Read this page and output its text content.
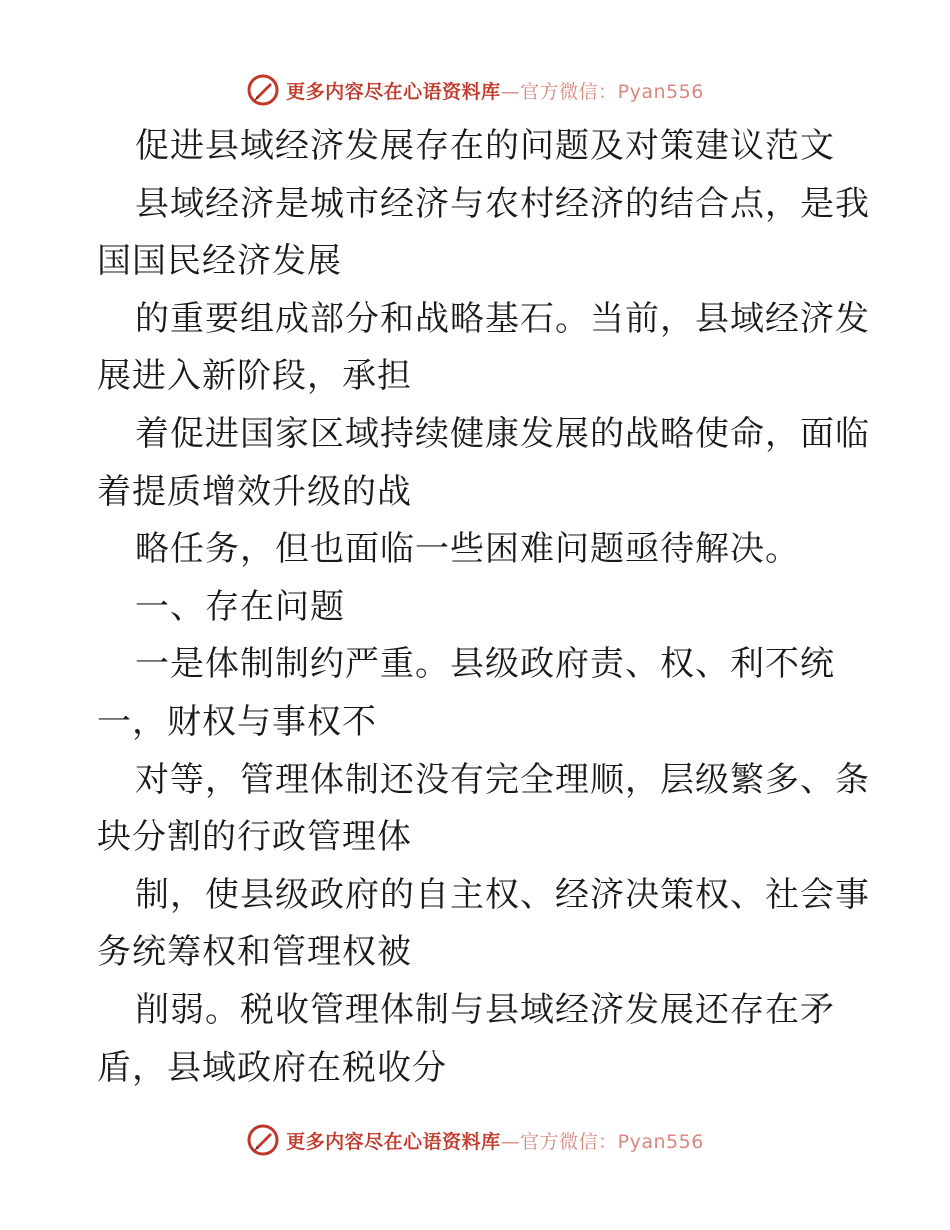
更多内容尽在心语资料库—官方微信：Pyan556
促进县域经济发展存在的问题及对策建议范文
县域经济是城市经济与农村经济的结合点，是我
国国民经济发展
的重要组成部分和战略基石。当前，县域经济发
展进入新阶段，承担
着促进国家区域持续健康发展的战略使命，面临
着提质增效升级的战
略任务，但也面临一些困难问题亟待解决。
一、存在问题
一是体制制约严重。县级政府责、权、利不统
一，财权与事权不
对等，管理体制还没有完全理顺，层级繁多、条
块分割的行政管理体
制，使县级政府的自主权、经济决策权、社会事
务统筹权和管理权被
削弱。税收管理体制与县域经济发展还存在矛
盾，县域政府在税收分
更多内容尽在心语资料库—官方微信：Pyan556
